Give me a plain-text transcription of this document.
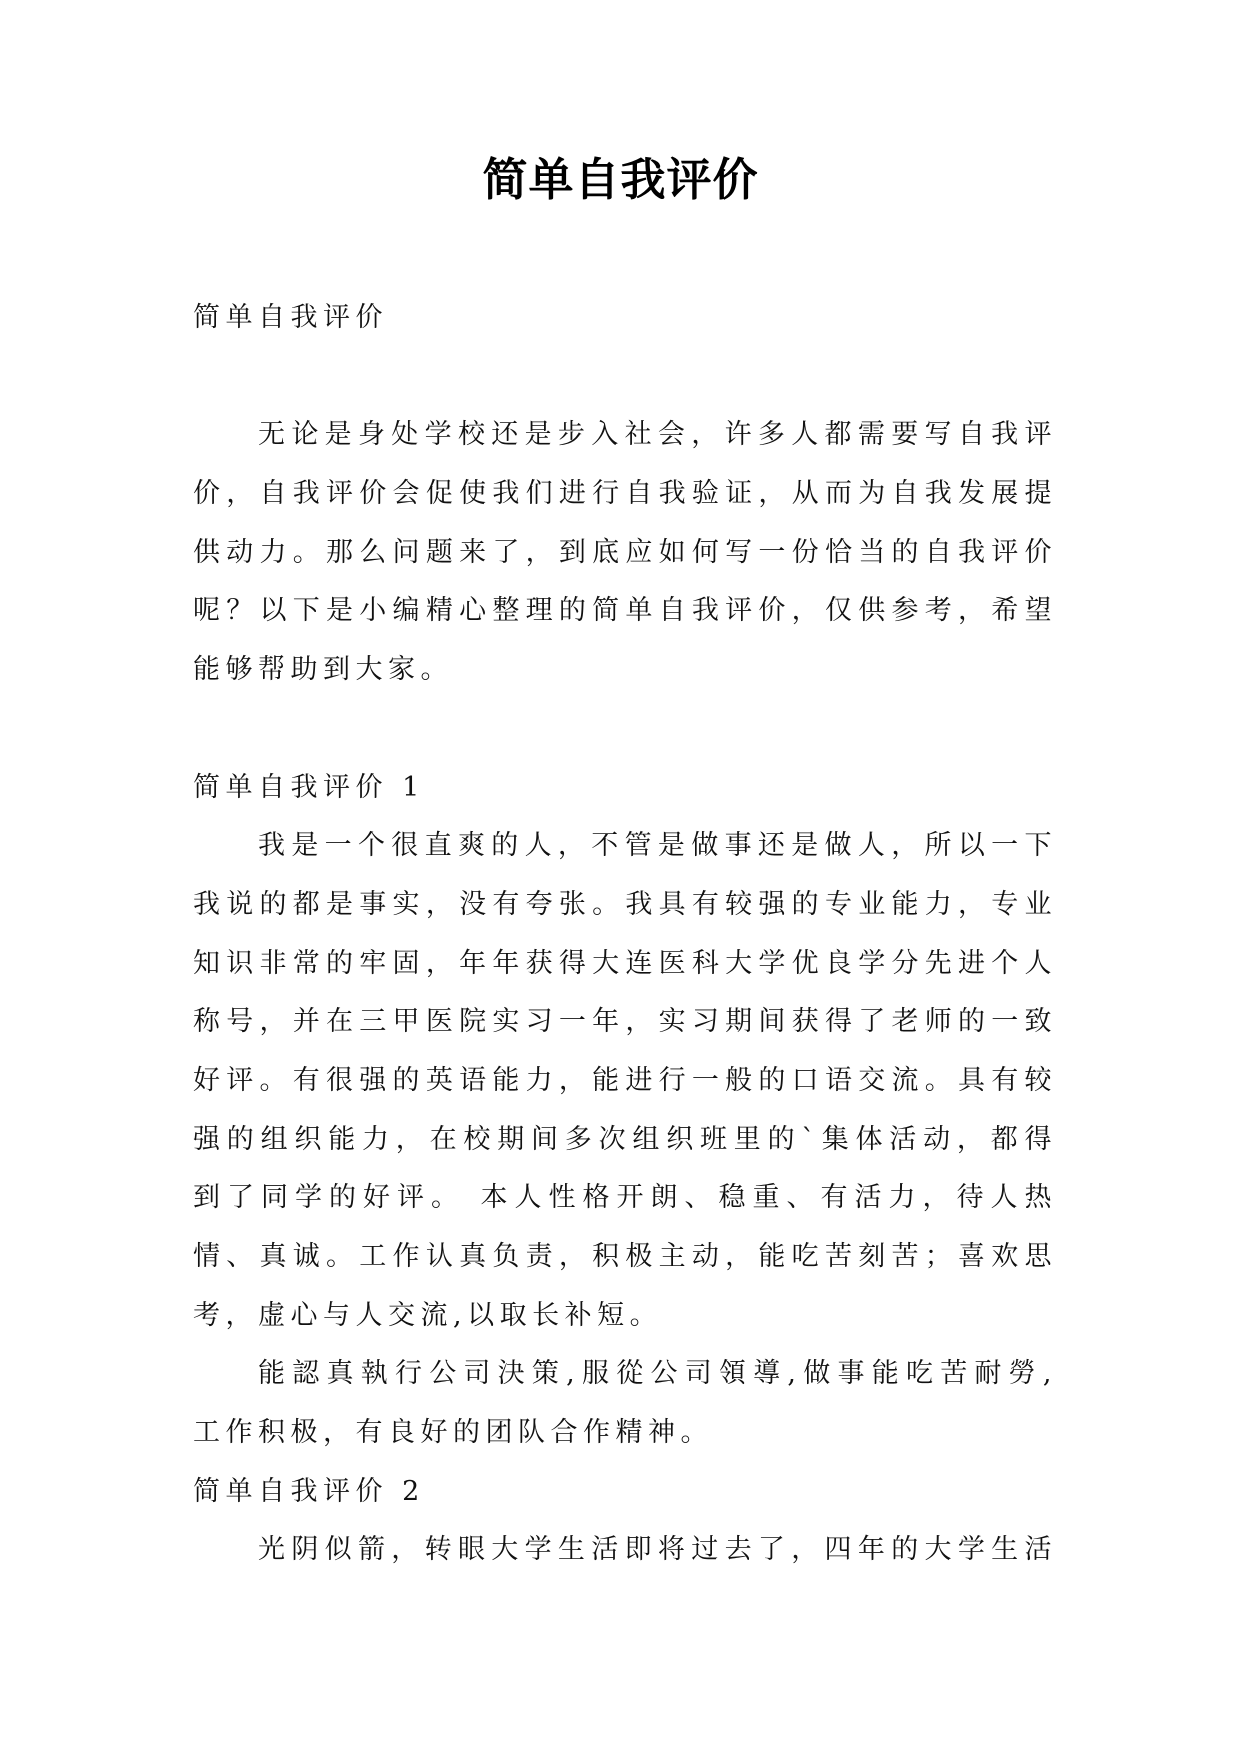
简单自我评价
简单自我评价
无论是身处学校还是步入社会，许多人都需要写自我评
价，自我评价会促使我们进行自我验证，从而为自我发展提
供动力。那么问题来了，到底应如何写一份恰当的自我评价
呢？以下是小编精心整理的简单自我评价，仅供参考，希望
能够帮助到大家。
简单自我评价 1
我是一个很直爽的人，不管是做事还是做人，所以一下
我说的都是事实，没有夸张。我具有较强的专业能力，专业
知识非常的牢固，年年获得大连医科大学优良学分先进个人
称号，并在三甲医院实习一年，实习期间获得了老师的一致
好评。有很强的英语能力，能进行一般的口语交流。具有较
强的组织能力，在校期间多次组织班里的`集体活动，都得
到了同学的好评。 本人性格开朗、稳重、有活力，待人热
情、真诚。工作认真负责，积极主动，能吃苦刻苦；喜欢思
考，虚心与人交流,以取长补短。
能認真執行公司決策,服從公司領導,做事能吃苦耐勞,
工作积极，有良好的团队合作精神。
简单自我评价 2
光阴似箭，转眼大学生活即将过去了，四年的大学生活
